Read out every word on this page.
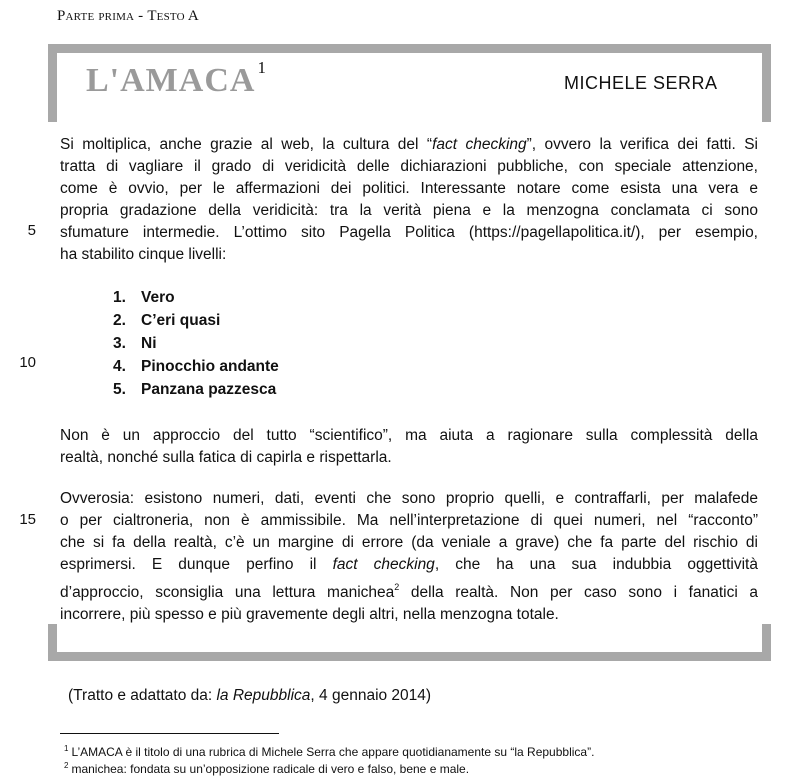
Parte prima - Testo A
L'AMACA $^1$
MICHELE SERRA
Si moltiplica, anche grazie al web, la cultura del “fact checking”, ovvero la verifica dei fatti. Si
tratta di vagliare il grado di veridicità delle dichiarazioni pubbliche, con speciale attenzione,
come è ovvio, per le affermazioni dei politici. Interessante notare come esista una vera e
propria gradazione della veridicità: tra la verità piena e la menzogna conclamata ci sono
sfumature intermedie. L’ottimo sito Pagella Politica (https://pagellapolitica.it/), per esempio,
ha stabilito cinque livelli:
5
10
15
1. Vero
2. C’eri quasi
3. Ni
4. Pinocchio andante
5. Panzana pazzesca
Non è un approccio del tutto “scientifico”, ma aiuta a ragionare sulla complessità della
realtà, nonché sulla fatica di capirla e rispettarla.
Ovverosia: esistono numeri, dati, eventi che sono proprio quelli, e contraffarli, per malafede
o per cialtroneria, non è ammissibile. Ma nell’interpretazione di quei numeri, nel “racconto”
che si fa della realtà, c’è un margine di errore (da veniale a grave) che fa parte del rischio di
esprimersi. E dunque perfino il fact checking, che ha una sua indubbia oggettività
d’approccio, sconsiglia una lettura manichea$^2$ della realtà. Non per caso sono i fanatici a
incorrere, più spesso e più gravemente degli altri, nella menzogna totale.
(Tratto e adattato da: la Repubblica, 4 gennaio 2014)
$^1$ L’AMACA è il titolo di una rubrica di Michele Serra che appare quotidianamente su “la Repubblica”.
$^2$ manichea: fondata su un’opposizione radicale di vero e falso, bene e male.
